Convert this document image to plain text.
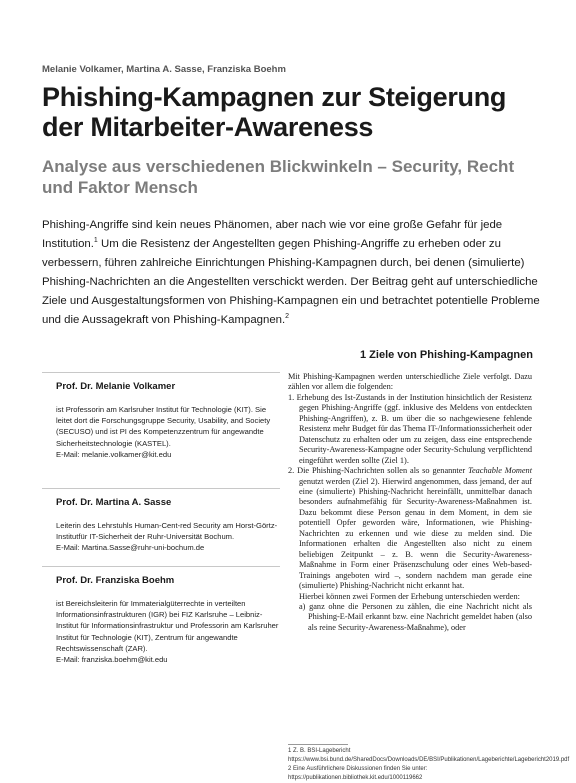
Melanie Volkamer, Martina A. Sasse, Franziska Boehm
Phishing-Kampagnen zur Steigerung der Mitarbeiter-Awareness
Analyse aus verschiedenen Blickwinkeln – Security, Recht und Faktor Mensch

Phishing-Angriffe sind kein neues Phänomen, aber nach wie vor eine große Gefahr für jede Institution.$^1$ Um die Resistenz der Angestellten gegen Phishing-Angriffe zu erheben oder zu verbessern, führen zahlreiche Einrichtungen Phishing-Kampagnen durch, bei denen (simulierte) Phishing-Nachrichten an die Angestellten verschickt werden. Der Beitrag geht auf unterschiedliche Ziele und Ausgestaltungsformen von Phishing-Kampagnen ein und betrachtet potentielle Probleme und die Aussagekraft von Phishing-Kampagnen.$^2$

1 Ziele von Phishing-Kampagnen
Prof. Dr. Melanie Volkamer
ist Professorin am Karlsruher Institut für Technologie (KIT). Sie leitet dort die Forschungsgruppe Security, Usability, and Society (SECUSO) und ist PI des Kompetenzzentrum für angewandte Sicherheitstechnologie (KASTEL).
E-Mail: melanie.volkamer@kit.edu
Prof. Dr. Martina A. Sasse
Leiterin des Lehrstuhls Human-Cent-red Security am Horst-Görtz-Institutfür IT-Sicherheit der Ruhr-Universität Bochum.
E-Mail: Martina.Sasse@ruhr-uni-bochum.de
Prof. Dr. Franziska Boehm
ist Bereichsleiterin für Immaterialgüterrechte in verteilten Informationsinfrastrukturen (IGR) bei FIZ Karlsruhe – Leibniz-Institut für Informationsinfrastruktur und Professorin am Karlsruher Institut für Technologie (KIT), Zentrum für angewandte Rechtswissenschaft (ZAR).
E-Mail: franziska.boehm@kit.edu

Mit Phishing-Kampagnen werden unterschiedliche Ziele verfolgt. Dazu zählen vor allem die folgenden:

1. Erhebung des Ist-Zustands in der Institution hinsichtlich der Resistenz gegen Phishing-Angriffe (ggf. inklusive des Meldens von entdeckten Phishing-Angriffen), z. B. um über die so nachgewiesene fehlende Resistenz mehr Budget für das Thema IT-/Informationssicherheit oder Datenschutz zu erhalten oder um zu zeigen, dass eine entsprechende Security-Awareness-Kampagne oder Security-Schulung verpflichtend eingeführt werden sollte (Ziel 1).

2. Die Phishing-Nachrichten sollen als so genannter Teachable Moment genutzt werden (Ziel 2). Hierwird angenommen, dass jemand, der auf eine (simulierte) Phishing-Nachricht hereinfällt, unmittelbar danach besonders aufnahmefähig für Security-Awareness-Maßnahmen ist. Dazu bekommt diese Person genau in dem Moment, in dem sie potentiell Opfer geworden wäre, Informationen, wie Phishing-Nachrichten zu erkennen und wie diese zu melden sind. Die Informationen erhalten die Angestellten also nicht zu einem beliebigen Zeitpunkt – z. B. wenn die Security-Awareness-Maßnahme in Form einer Präsenzschulung oder eines Web-based-Trainings angeboten wird –, sondern nachdem man gerade eine (simulierte) Phishing-Nachricht nicht erkannt hat.

Hierbei können zwei Formen der Erhebung unterschieden werden:

a) ganz ohne die Personen zu zählen, die eine Nachricht nicht als Phishing-E-Mail erkannt bzw. eine Nachricht gemeldet haben (also als reine Security-Awareness-Maßnahme), oder

1 Z. B. BSI-Lagebericht https://www.bsi.bund.de/SharedDocs/Downloads/DE/BSI/Publikationen/Lageberichte/Lagebericht2019.pdf
2 Eine Ausführlichere Diskussionen finden Sie unter: https://publikationen.bibliothek.kit.edu/1000119662
